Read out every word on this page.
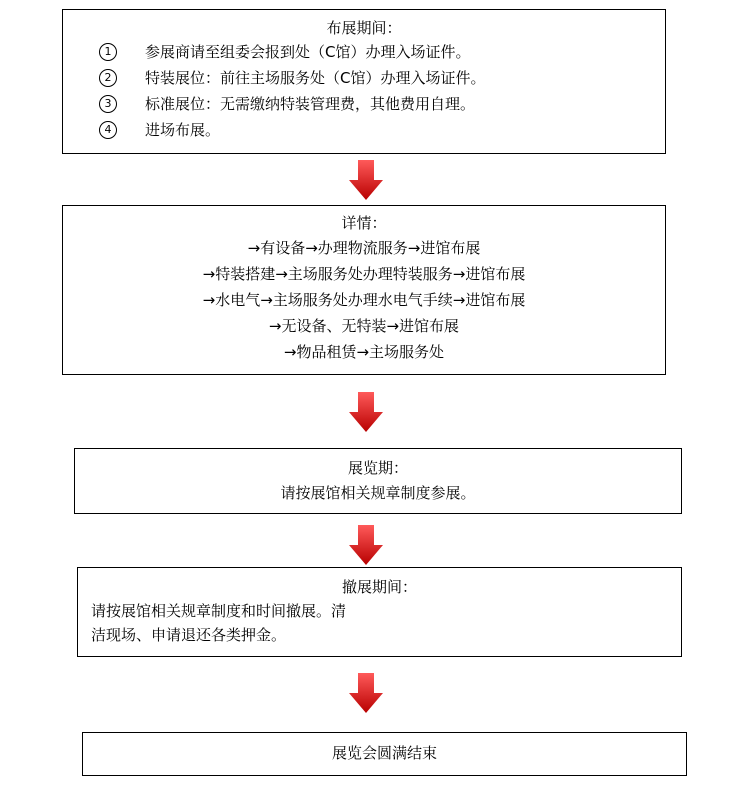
布展期间：
1	参展商请至组委会报到处（C馆）办理入场证件。
2	特装展位：前往主场服务处（C馆）办理入场证件。
3	标准展位：无需缴纳特装管理费，其他费用自理。
4	进场布展。
详情：
→有设备→办理物流服务→进馆布展
→特装搭建→主场服务处办理特装服务→进馆布展
→水电气→主场服务处办理水电气手续→进馆布展
→无设备、无特装→进馆布展
→物品租赁→主场服务处
展览期：
请按展馆相关规章制度参展。
撤展期间：
请按展馆相关规章制度和时间撤展。清
洁现场、申请退还各类押金。
展览会圆满结束
